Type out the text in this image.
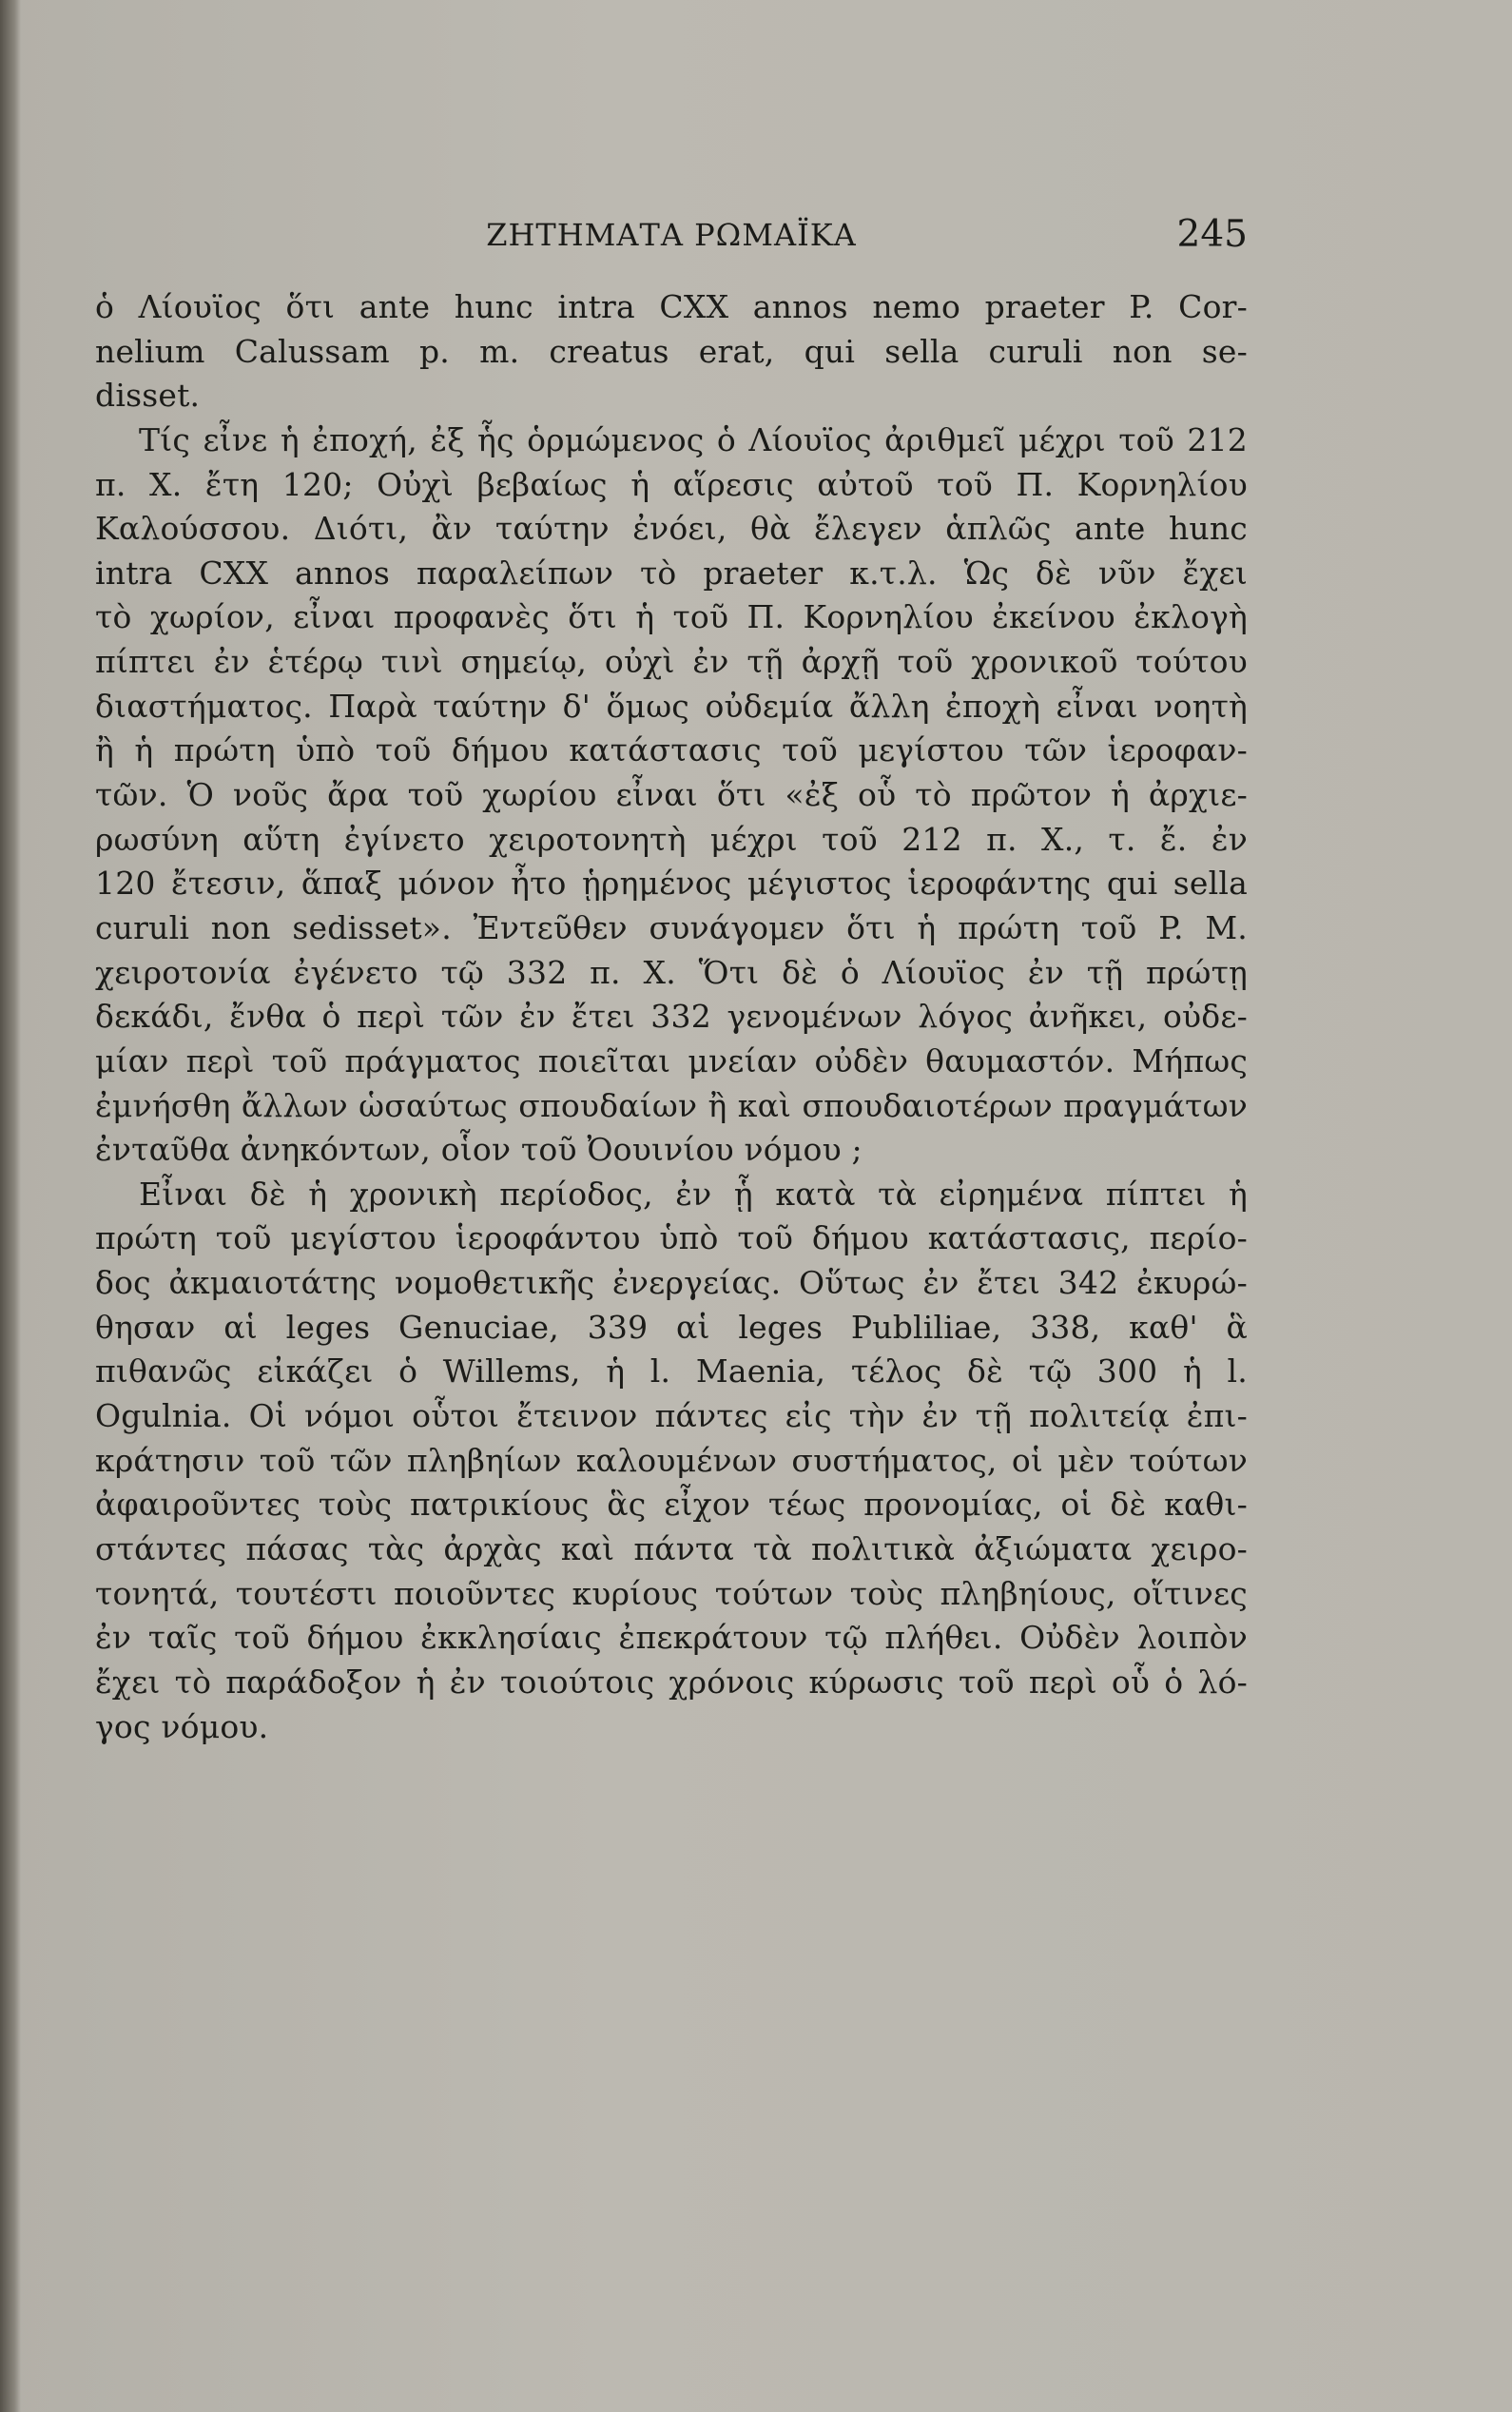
ΖΗΤΗΜΑΤΑ ΡΩΜΑΪΚΑ	245
ὁ Λίουϊος ὅτι ante hunc intra CXX annos nemo praeter P. Cor-
nelium Calussam p. m. creatus erat, qui sella curuli non se-
disset.
Τίς εἶνε ἡ ἐποχή, ἐξ ἧς ὁρμώμενος ὁ Λίουϊος ἀριθμεῖ μέχρι τοῦ 212
π. Χ. ἔτη 120; Οὐχὶ βεβαίως ἡ αἵρεσις αὐτοῦ τοῦ Π. Κορνηλίου
Καλούσσου. Διότι, ἂν ταύτην ἐνόει, θὰ ἔλεγεν ἁπλῶς ante hunc
intra CXX annos παραλείπων τὸ praeter κ.τ.λ. Ὡς δὲ νῦν ἔχει
τὸ χωρίον, εἶναι προφανὲς ὅτι ἡ τοῦ Π. Κορνηλίου ἐκείνου ἐκλογὴ
πίπτει ἐν ἑτέρῳ τινὶ σημείῳ, οὐχὶ ἐν τῇ ἀρχῇ τοῦ χρονικοῦ τούτου
διαστήματος. Παρὰ ταύτην δ' ὅμως οὐδεμία ἄλλη ἐποχὴ εἶναι νοητὴ
ἢ ἡ πρώτη ὑπὸ τοῦ δήμου κατάστασις τοῦ μεγίστου τῶν ἱεροφαν-
τῶν. Ὁ νοῦς ἄρα τοῦ χωρίου εἶναι ὅτι «ἐξ οὗ τὸ πρῶτον ἡ ἀρχιε-
ρωσύνη αὕτη ἐγίνετο χειροτονητὴ μέχρι τοῦ 212 π. Χ., τ. ἔ. ἐν
120 ἔτεσιν, ἅπαξ μόνον ἦτο ᾑρημένος μέγιστος ἱεροφάντης qui sella
curuli non sedisset». Ἐντεῦθεν συνάγομεν ὅτι ἡ πρώτη τοῦ P. M.
χειροτονία ἐγένετο τῷ 332 π. Χ. Ὅτι δὲ ὁ Λίουϊος ἐν τῇ πρώτῃ
δεκάδι, ἔνθα ὁ περὶ τῶν ἐν ἔτει 332 γενομένων λόγος ἀνῆκει, οὐδε-
μίαν περὶ τοῦ πράγματος ποιεῖται μνείαν οὐδὲν θαυμαστόν. Μήπως
ἐμνήσθη ἄλλων ὡσαύτως σπουδαίων ἢ καὶ σπουδαιοτέρων πραγμάτων
ἐνταῦθα ἀνηκόντων, οἷον τοῦ Ὀουινίου νόμου ;
Εἶναι δὲ ἡ χρονικὴ περίοδος, ἐν ᾗ κατὰ τὰ εἰρημένα πίπτει ἡ
πρώτη τοῦ μεγίστου ἱεροφάντου ὑπὸ τοῦ δήμου κατάστασις, περίο-
δος ἀκμαιοτάτης νομοθετικῆς ἐνεργείας. Οὕτως ἐν ἔτει 342 ἐκυρώ-
θησαν αἱ leges Genuciae, 339 αἱ leges Publiliae, 338, καθ' ἃ
πιθανῶς εἰκάζει ὁ Willems, ἡ l. Maenia, τέλος δὲ τῷ 300 ἡ l.
Ogulnia. Οἱ νόμοι οὗτοι ἔτεινον πάντες εἰς τὴν ἐν τῇ πολιτείᾳ ἐπι-
κράτησιν τοῦ τῶν πληβηίων καλουμένων συστήματος, οἱ μὲν τούτων
ἀφαιροῦντες τοὺς πατρικίους ἃς εἶχον τέως προνομίας, οἱ δὲ καθι-
στάντες πάσας τὰς ἀρχὰς καὶ πάντα τὰ πολιτικὰ ἀξιώματα χειρο-
τονητά, τουτέστι ποιοῦντες κυρίους τούτων τοὺς πληβηίους, οἵτινες
ἐν ταῖς τοῦ δήμου ἐκκλησίαις ἐπεκράτουν τῷ πλήθει. Οὐδὲν λοιπὸν
ἔχει τὸ παράδοξον ἡ ἐν τοιούτοις χρόνοις κύρωσις τοῦ περὶ οὗ ὁ λό-
γος νόμου.
